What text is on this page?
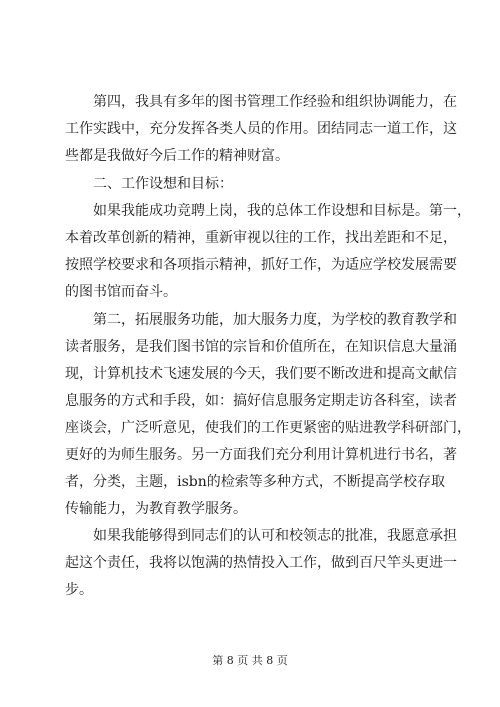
第四，我具有多年的图书管理工作经验和组织协调能力，在
工作实践中，充分发挥各类人员的作用。团结同志一道工作，这
些都是我做好今后工作的精神财富。
二、工作设想和目标：
如果我能成功竞聘上岗，我的总体工作设想和目标是。第一，
本着改革创新的精神，重新审视以往的工作，找出差距和不足，
按照学校要求和各项指示精神，抓好工作，为适应学校发展需要
的图书馆而奋斗。
第二，拓展服务功能，加大服务力度，为学校的教育教学和
读者服务，是我们图书馆的宗旨和价值所在，在知识信息大量涌
现，计算机技术飞速发展的今天，我们要不断改进和提高文献信
息服务的方式和手段，如：搞好信息服务定期走访各科室，读者
座谈会，广泛听意见，使我们的工作更紧密的贴进教学科研部门，
更好的为师生服务。另一方面我们充分利用计算机进行书名，著
者，分类，主题，isbn的检索等多种方式，不断提高学校存取
传输能力，为教育教学服务。
如果我能够得到同志们的认可和校领志的批准，我愿意承担
起这个责任，我将以饱满的热情投入工作，做到百尺竿头更进一
步。
第 8 页 共 8 页
